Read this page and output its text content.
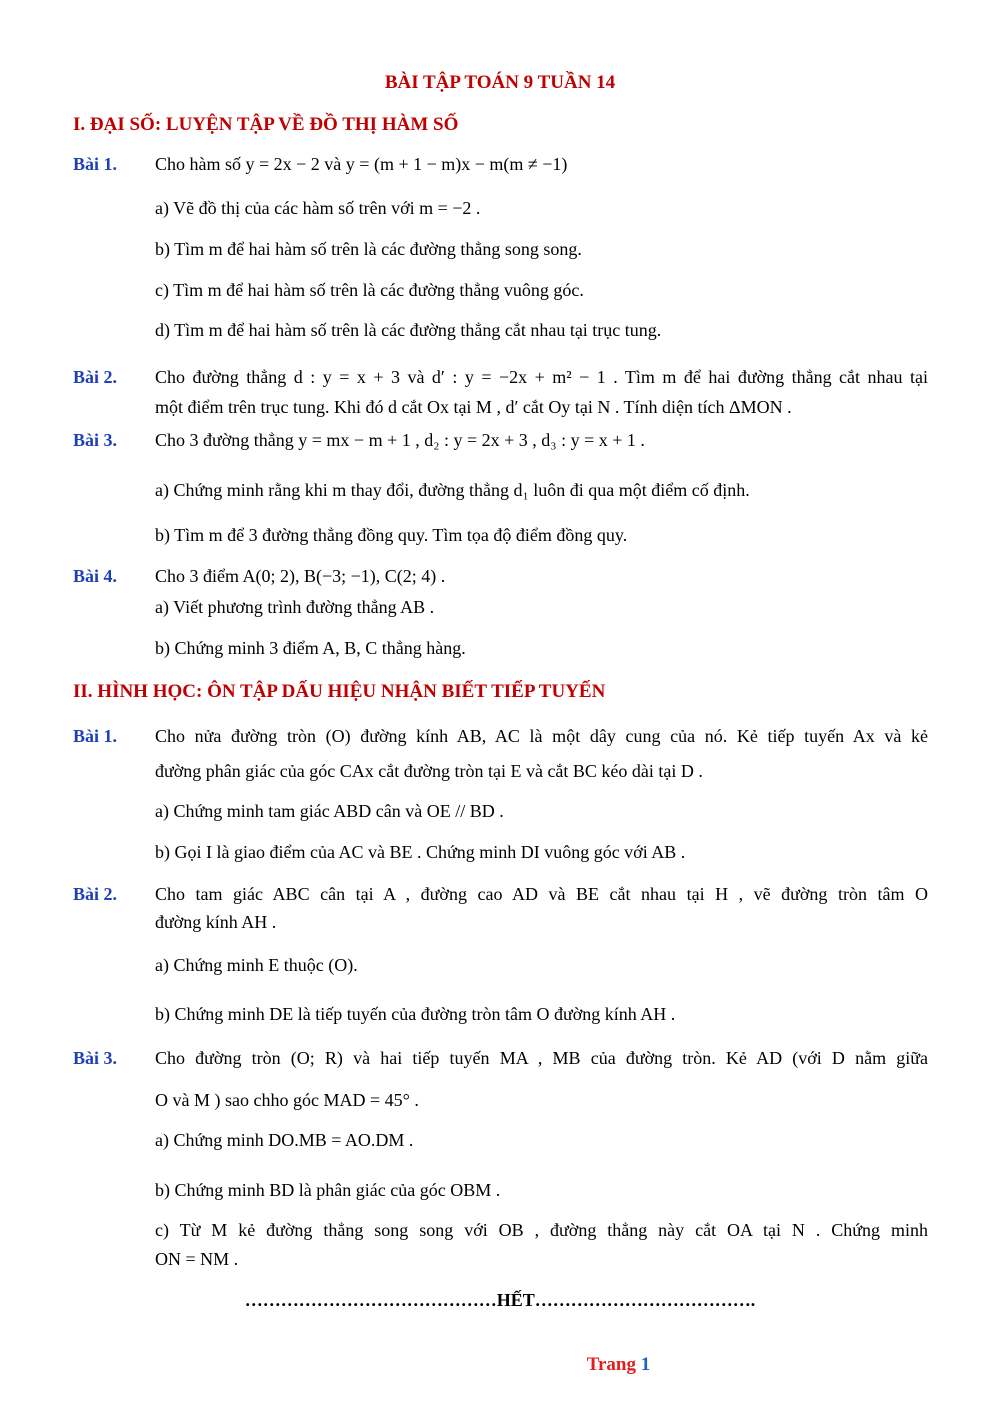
BÀI TẬP TOÁN 9 TUẦN 14
I. ĐẠI SỐ: LUYỆN TẬP VỀ ĐỒ THỊ HÀM SỐ
Bài 1. Cho hàm số y = 2x − 2 và y = (m + 1 − m)x − m(m ≠ −1)
a) Vẽ đồ thị của các hàm số trên với m = −2 .
b) Tìm m để hai hàm số trên là các đường thẳng song song.
c) Tìm m để hai hàm số trên là các đường thẳng vuông góc.
d) Tìm m để hai hàm số trên là các đường thẳng cắt nhau tại trục tung.
Bài 2. Cho đường thẳng d : y = x + 3 và d′ : y = −2x + m² − 1 . Tìm m để hai đường thẳng cắt nhau tại
một điểm trên trục tung. Khi đó d cắt Ox tại M , d′ cắt Oy tại N . Tính diện tích ΔMON .
Bài 3. Cho 3 đường thẳng y = mx − m + 1 , d₂ : y = 2x + 3 , d₃ : y = x + 1 .
a) Chứng minh rằng khi m thay đổi, đường thẳng d₁ luôn đi qua một điểm cố định.
b) Tìm m để 3 đường thẳng đồng quy. Tìm tọa độ điểm đồng quy.
Bài 4. Cho 3 điểm A(0; 2), B(−3; −1), C(2; 4) .
a) Viết phương trình đường thẳng AB .
b) Chứng minh 3 điểm A, B, C thẳng hàng.
II. HÌNH HỌC: ÔN TẬP DẤU HIỆU NHẬN BIẾT TIẾP TUYẾN
Bài 1. Cho nửa đường tròn (O) đường kính AB, AC là một dây cung của nó. Kẻ tiếp tuyến Ax và kẻ
đường phân giác của góc CAx cắt đường tròn tại E và cắt BC kéo dài tại D .
a) Chứng minh tam giác ABD cân và OE // BD .
b) Gọi I là giao điểm của AC và BE . Chứng minh DI vuông góc với AB .
Bài 2. Cho tam giác ABC cân tại A , đường cao AD và BE cắt nhau tại H , vẽ đường tròn tâm O
đường kính AH .
a) Chứng minh E thuộc (O).
b) Chứng minh DE là tiếp tuyến của đường tròn tâm O đường kính AH .
Bài 3. Cho đường tròn (O; R) và hai tiếp tuyến MA , MB của đường tròn. Kẻ AD (với D nằm giữa
O và M ) sao chho góc MAD = 45° .
a) Chứng minh DO.MB = AO.DM .
b) Chứng minh BD là phân giác của góc OBM .
c) Từ M kẻ đường thẳng song song với OB , đường thẳng này cắt OA tại N . Chứng minh
ON = NM .
……………………………………HẾT……………………………….
Trang 1
